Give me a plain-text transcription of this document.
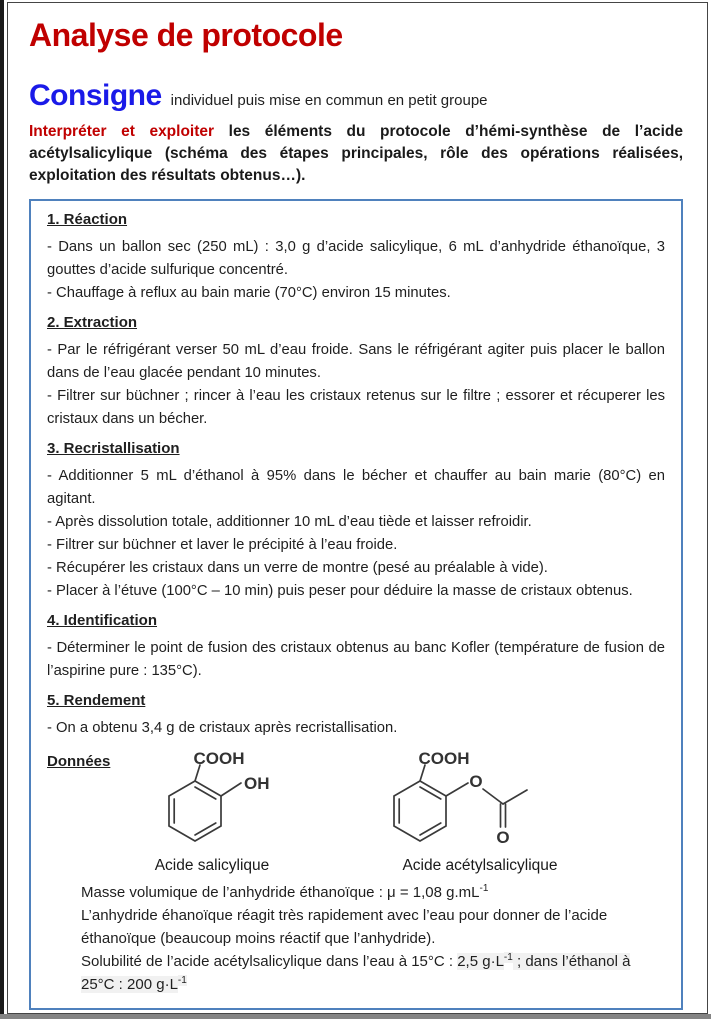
Analyse de protocole
Consigne individuel puis mise en commun en petit groupe

Interpréter et exploiter les éléments du protocole d’hémi-synthèse de l’acide acétylsalicylique (schéma des étapes principales, rôle des opérations réalisées, exploitation des résultats obtenus…).

1. Réaction

- Dans un ballon sec (250 mL) : 3,0 g d’acide salicylique, 6 mL d’anhydride éthanoïque, 3 gouttes d’acide sulfurique concentré.

- Chauffage à reflux au bain marie (70°C) environ 15 minutes.

2. Extraction

- Par le réfrigérant verser 50 mL d’eau froide. Sans le réfrigérant agiter puis placer le ballon dans de l’eau glacée pendant 10 minutes.

- Filtrer sur büchner ; rincer à l’eau les cristaux retenus sur le filtre ; essorer et récuperer les cristaux dans un bécher.

3. Recristallisation

- Additionner 5 mL d’éthanol à 95% dans le bécher et chauffer au bain marie (80°C) en agitant.

- Après dissolution totale, additionner 10 mL d’eau tiède et laisser refroidir.

- Filtrer sur büchner et laver le précipité à l’eau froide.

- Récupérer les cristaux dans un verre de montre (pesé au préalable à vide).

- Placer à l’étuve (100°C – 10 min) puis peser pour déduire la masse de cristaux obtenus.

4. Identification

- Déterminer le point de fusion des cristaux obtenus au banc Kofler (température de fusion de l’aspirine pure : 135°C).

5. Rendement

- On a obtenu 3,4 g de cristaux après recristallisation.

Données	COOH
OH
Acide salicylique
COOH
O
O
Acide acétylsalicylique

Masse volumique de l’anhydride éthanoïque : μ = 1,08 $g.mL^{-1}$

L’anhydride éhanoïque réagit très rapidement avec l’eau pour donner de l’acide éthanoïque (beaucoup moins réactif que l’anhydride).

Solubilité de l’acide acétylsalicylique dans l’eau à 15°C : 2,5 $g\cdot L^{-1}$ ; dans l’éthanol à 25°C : 200 $g\cdot L^{-1}$
